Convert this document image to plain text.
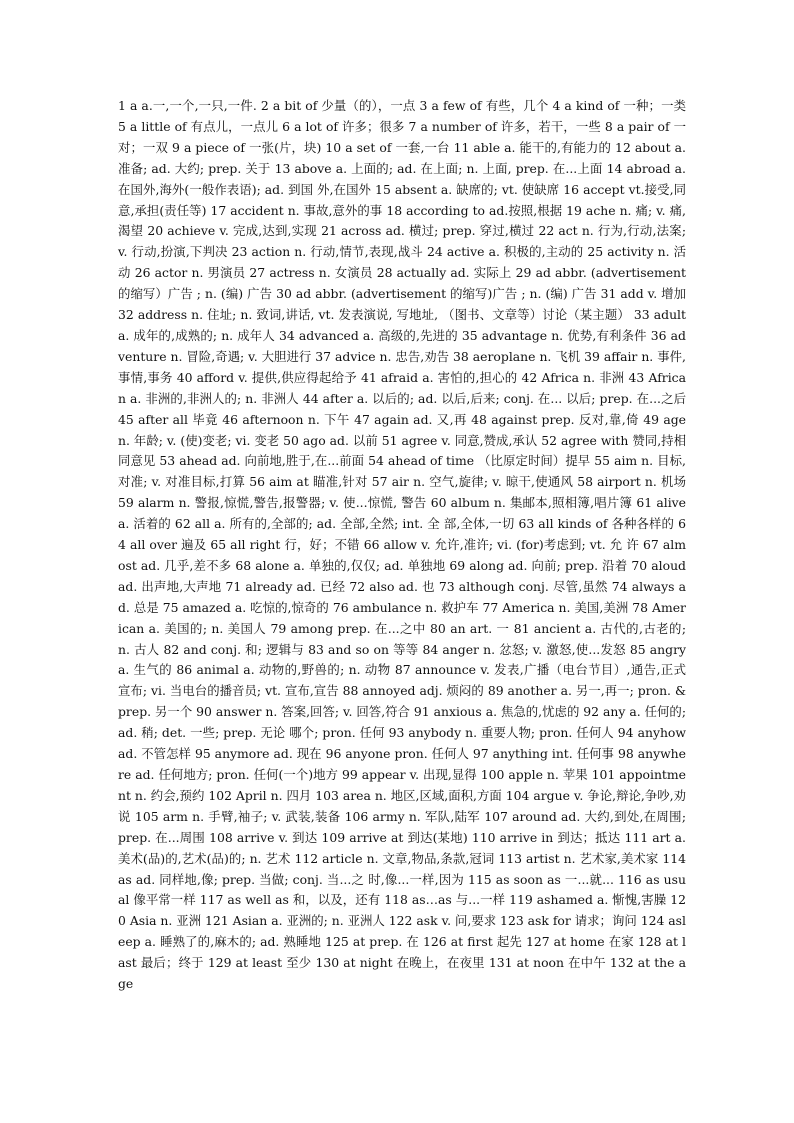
1 a a.一,一个,一只,一件. 2 a bit of 少量（的），一点 3 a few of 有些，几个 4 a kind of 一种；一类 5 a little of 有点儿，一点儿 6 a lot of 许多；很多 7 a number of 许多，若干，一些 8 a pair of 一对；一双 9 a piece of 一张(片，块) 10 a set of 一套,一台 11 able a. 能干的,有能力的 12 about a. 准备; ad. 大约; prep. 关于 13 above a. 上面的; ad. 在上面; n. 上面, prep. 在...上面 14 abroad a. 在国外,海外(一般作表语); ad. 到国 外,在国外 15 absent a. 缺席的; vt. 使缺席 16 accept vt.接受,同意,承担(责任等) 17 accident n. 事故,意外的事 18 according to ad.按照,根据 19 ache n. 痛; v. 痛,渴望 20 achieve v. 完成,达到,实现 21 across ad. 横过; prep. 穿过,横过 22 act n. 行为,行动,法案; v. 行动,扮演,下判决 23 action n. 行动,情节,表现,战斗 24 active a. 积极的,主动的 25 activity n. 活动 26 actor n. 男演员 27 actress n. 女演员 28 actually ad. 实际上 29 ad abbr. (advertisement 的缩写）广告 ; n. (编) 广告 30 ad abbr. (advertisement 的缩写)广告 ; n. (编) 广告 31 add v. 增加 32 address n. 住址; n. 致词,讲话, vt. 发表演说, 写地址, （图书、文章等）讨论（某主题） 33 adult a. 成年的,成熟的; n. 成年人 34 advanced a. 高级的,先进的 35 advantage n. 优势,有利条件 36 adventure n. 冒险,奇遇; v. 大胆进行 37 advice n. 忠告,劝告 38 aeroplane n. 飞机 39 affair n. 事件,事情,事务 40 afford v. 提供,供应得起给予 41 afraid a. 害怕的,担心的 42 Africa n. 非洲 43 African a. 非洲的,非洲人的; n. 非洲人 44 after a. 以后的; ad. 以后,后来; conj. 在... 以后; prep. 在...之后 45 after all 毕竟 46 afternoon n. 下午 47 again ad. 又,再 48 against prep. 反对,靠,倚 49 age n. 年龄; v. (使)变老; vi. 变老 50 ago ad. 以前 51 agree v. 同意,赞成,承认 52 agree with 赞同,持相同意见 53 ahead ad. 向前地,胜于,在...前面 54 ahead of time （比原定时间）提早 55 aim n. 目标,对准; v. 对准目标,打算 56 aim at 瞄准,针对 57 air n. 空气,旋律; v. 晾干,使通风 58 airport n. 机场 59 alarm n. 警报,惊慌,警告,报警器; v. 使...惊慌, 警告 60 album n. 集邮本,照相簿,唱片簿 61 alive a. 活着的 62 all a. 所有的,全部的; ad. 全部,全然; int. 全 部,全体,一切 63 all kinds of 各种各样的 64 all over 遍及 65 all right 行，好；不错 66 allow v. 允许,准许; vi. (for)考虑到; vt. 允 许 67 almost ad. 几乎,差不多 68 alone a. 单独的,仅仅; ad. 单独地 69 along ad. 向前; prep. 沿着 70 aloud ad. 出声地,大声地 71 already ad. 已经 72 also ad. 也 73 although conj. 尽管,虽然 74 always ad. 总是 75 amazed a. 吃惊的,惊奇的 76 ambulance n. 救护车 77 America n. 美国,美洲 78 American a. 美国的; n. 美国人 79 among prep. 在...之中 80 an art. 一 81 ancient a. 古代的,古老的; n. 古人 82 and conj. 和; 逻辑与 83 and so on 等等 84 anger n. 忿怒; v. 激怒,使...发怒 85 angry a. 生气的 86 animal a. 动物的,野兽的; n. 动物 87 announce v. 发表,广播（电台节目）,通告,正式 宣布; vi. 当电台的播音员; vt. 宣布,宣告 88 annoyed adj. 烦闷的 89 another a. 另一,再一; pron. &prep. 另一个 90 answer n. 答案,回答; v. 回答,符合 91 anxious a. 焦急的,忧虑的 92 any a. 任何的; ad. 稍; det. 一些; prep. 无论 哪个; pron. 任何 93 anybody n. 重要人物; pron. 任何人 94 anyhow ad. 不管怎样 95 anymore ad. 现在 96 anyone pron. 任何人 97 anything int. 任何事 98 anywhere ad. 任何地方; pron. 任何(一个)地方 99 appear v. 出现,显得 100 apple n. 苹果 101 appointment n. 约会,预约 102 April n. 四月 103 area n. 地区,区域,面积,方面 104 argue v. 争论,辩论,争吵,劝说 105 arm n. 手臂,袖子; v. 武装,装备 106 army n. 军队,陆军 107 around ad. 大约,到处,在周围; prep. 在...周围 108 arrive v. 到达 109 arrive at 到达(某地) 110 arrive in 到达；抵达 111 art a. 美术(品)的,艺术(品)的; n. 艺术 112 article n. 文章,物品,条款,冠词 113 artist n. 艺术家,美术家 114 as ad. 同样地,像; prep. 当做; conj. 当...之 时,像...一样,因为 115 as soon as 一...就... 116 as usual 像平常一样 117 as well as 和，以及，还有 118 as…as 与...一样 119 ashamed a. 惭愧,害臊 120 Asia n. 亚洲 121 Asian a. 亚洲的; n. 亚洲人 122 ask v. 问,要求 123 ask for 请求；询问 124 asleep a. 睡熟了的,麻木的; ad. 熟睡地 125 at prep. 在 126 at first 起先 127 at home 在家 128 at last 最后；终于 129 at least 至少 130 at night 在晚上，在夜里 131 at noon 在中午 132 at the age
